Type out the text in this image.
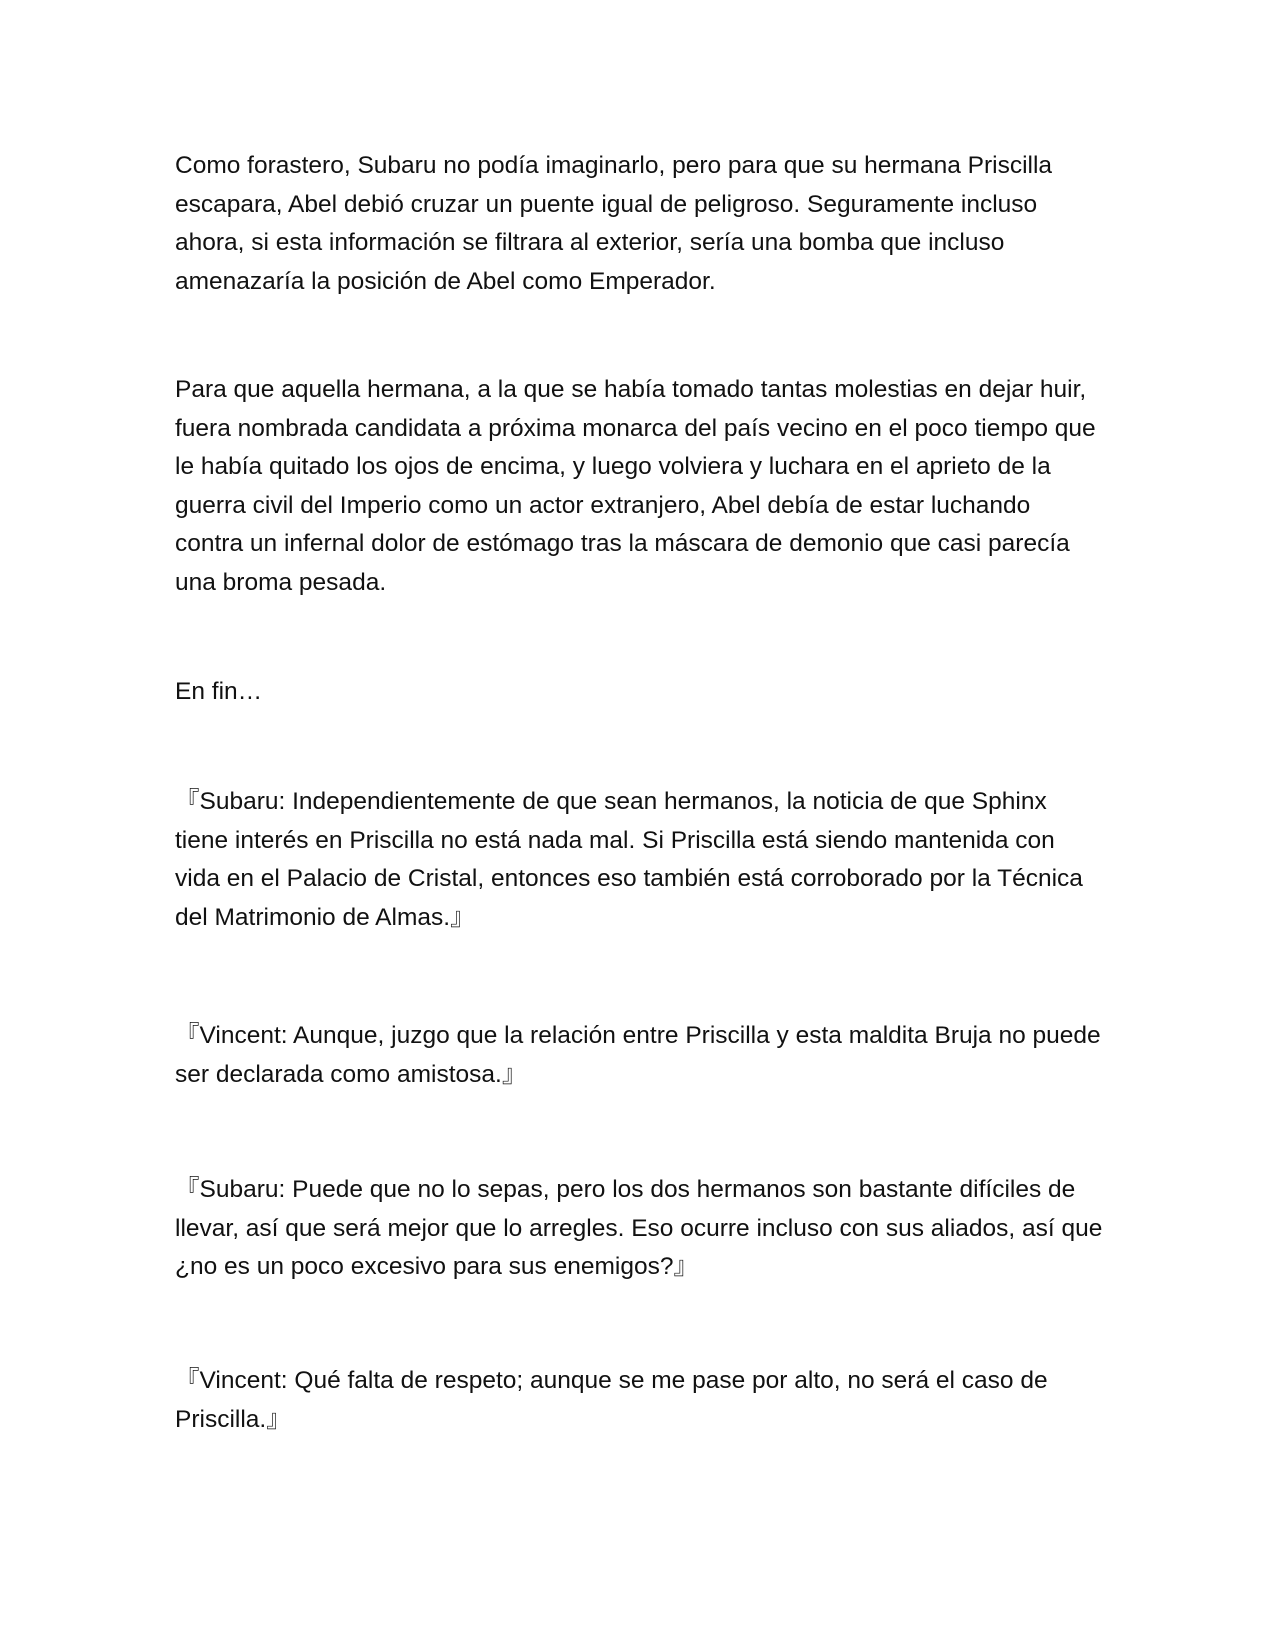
Como forastero, Subaru no podía imaginarlo, pero para que su hermana Priscilla escapara, Abel debió cruzar un puente igual de peligroso. Seguramente incluso ahora, si esta información se filtrara al exterior, sería una bomba que incluso amenazaría la posición de Abel como Emperador.

Para que aquella hermana, a la que se había tomado tantas molestias en dejar huir, fuera nombrada candidata a próxima monarca del país vecino en el poco tiempo que le había quitado los ojos de encima, y luego volviera y luchara en el aprieto de la guerra civil del Imperio como un actor extranjero, Abel debía de estar luchando contra un infernal dolor de estómago tras la máscara de demonio que casi parecía una broma pesada.

En fin…

『Subaru: Independientemente de que sean hermanos, la noticia de que Sphinx tiene interés en Priscilla no está nada mal. Si Priscilla está siendo mantenida con vida en el Palacio de Cristal, entonces eso también está corroborado por la Técnica del Matrimonio de Almas.』

『Vincent: Aunque, juzgo que la relación entre Priscilla y esta maldita Bruja no puede ser declarada como amistosa.』

『Subaru: Puede que no lo sepas, pero los dos hermanos son bastante difíciles de llevar, así que será mejor que lo arregles. Eso ocurre incluso con sus aliados, así que ¿no es un poco excesivo para sus enemigos?』

『Vincent: Qué falta de respeto; aunque se me pase por alto, no será el caso de Priscilla.』
